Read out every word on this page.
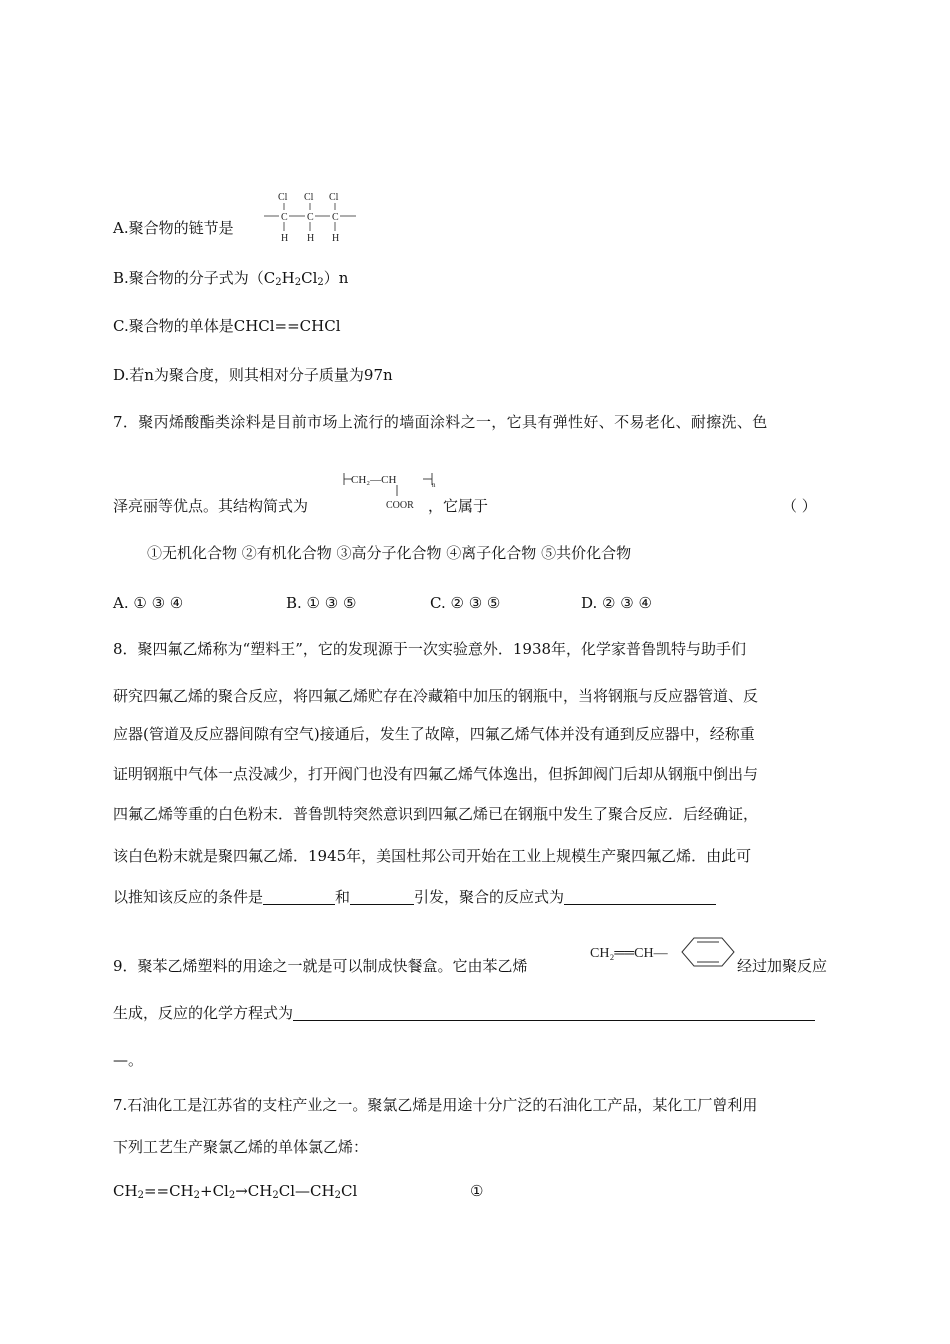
A.聚合物的链节是
Cl Cl Cl
C C C
H H H
B.聚合物的分子式为$(C_2H_2Cl_2)n$
C.聚合物的单体是CHCl==CHCl
D.若n为聚合度，则其相对分子质量为97n
7．聚丙烯酸酯类涂料是目前市场上流行的墙面涂料之一，它具有弹性好、不易老化、耐擦洗、色
泽亮丽等优点。其结构简式为
CH₂—CH	n
COOR ，它属于	（ ）
①无机化合物 ②有机化合物 ③高分子化合物 ④离子化合物 ⑤共价化合物
A. ① ③ ④	B. ① ③ ⑤	C. ② ③ ⑤	D. ② ③ ④
8．聚四氟乙烯称为“塑料王”，它的发现源于一次实验意外．1938年，化学家普鲁凯特与助手们
研究四氟乙烯的聚合反应，将四氟乙烯贮存在冷藏箱中加压的钢瓶中，当将钢瓶与反应器管道、反
应器(管道及反应器间隙有空气)接通后，发生了故障，四氟乙烯气体并没有通到反应器中，经称重
证明钢瓶中气体一点没减少，打开阀门也没有四氟乙烯气体逸出，但拆卸阀门后却从钢瓶中倒出与
四氟乙烯等重的白色粉末．普鲁凯特突然意识到四氟乙烯已在钢瓶中发生了聚合反应．后经确证，
该白色粉末就是聚四氟乙烯．1945年，美国杜邦公司开始在工业上规模生产聚四氟乙烯．由此可
以推知该反应的条件是	和	引发，聚合的反应式为
9．聚苯乙烯塑料的用途之一就是可以制成快餐盒。它由苯乙烯
CH₂══CH—
经过加聚反应
生成，反应的化学方程式为
—。
7.石油化工是江苏省的支柱产业之一。聚氯乙烯是用途十分广泛的石油化工产品，某化工厂曾利用
下列工艺生产聚氯乙烯的单体氯乙烯：
$CH_2==CH_2+Cl_2\to CH_2Cl—CH_2Cl$	①
